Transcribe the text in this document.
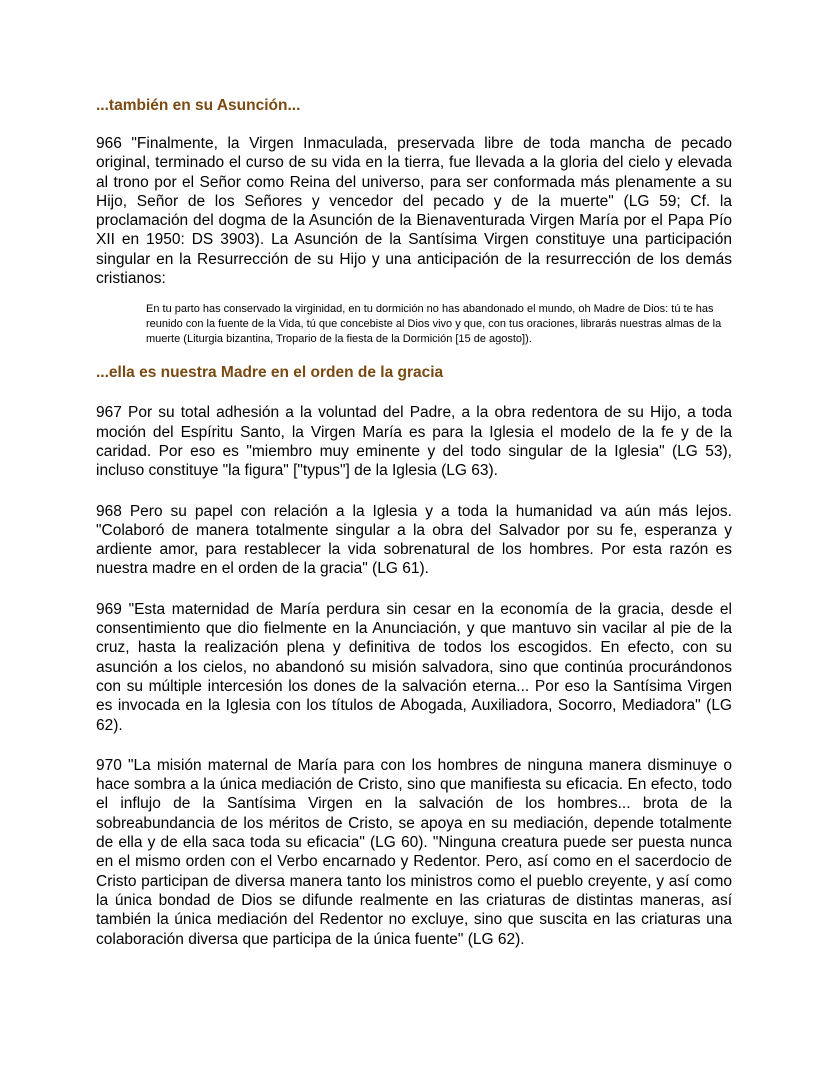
...también en su Asunción...

966 "Finalmente, la Virgen Inmaculada, preservada libre de toda mancha de pecado original, terminado el curso de su vida en la tierra, fue llevada a la gloria del cielo y elevada al trono por el Señor como Reina del universo, para ser conformada más plenamente a su Hijo, Señor de los Señores y vencedor del pecado y de la muerte" (LG 59; Cf. la proclamación del dogma de la Asunción de la Bienaventurada Virgen María por el Papa Pío XII en 1950: DS 3903). La Asunción de la Santísima Virgen constituye una participación singular en la Resurrección de su Hijo y una anticipación de la resurrección de los demás cristianos:

En tu parto has conservado la virginidad, en tu dormición no has abandonado el mundo, oh Madre de Dios: tú te has reunido con la fuente de la Vida, tú que concebiste al Dios vivo y que, con tus oraciones, librarás nuestras almas de la muerte (Liturgia bizantina, Tropario de la fiesta de la Dormición [15 de agosto]).

...ella es nuestra Madre en el orden de la gracia

967 Por su total adhesión a la voluntad del Padre, a la obra redentora de su Hijo, a toda moción del Espíritu Santo, la Virgen María es para la Iglesia el modelo de la fe y de la caridad. Por eso es "miembro muy eminente y del todo singular de la Iglesia" (LG 53), incluso constituye "la figura" ["typus"] de la Iglesia (LG 63).

968 Pero su papel con relación a la Iglesia y a toda la humanidad va aún más lejos. "Colaboró de manera totalmente singular a la obra del Salvador por su fe, esperanza y ardiente amor, para restablecer la vida sobrenatural de los hombres. Por esta razón es nuestra madre en el orden de la gracia" (LG 61).

969 "Esta maternidad de María perdura sin cesar en la economía de la gracia, desde el consentimiento que dio fielmente en la Anunciación, y que mantuvo sin vacilar al pie de la cruz, hasta la realización plena y definitiva de todos los escogidos. En efecto, con su asunción a los cielos, no abandonó su misión salvadora, sino que continúa procurándonos con su múltiple intercesión los dones de la salvación eterna... Por eso la Santísima Virgen es invocada en la Iglesia con los títulos de Abogada, Auxiliadora, Socorro, Mediadora" (LG 62).

970 "La misión maternal de María para con los hombres de ninguna manera disminuye o hace sombra a la única mediación de Cristo, sino que manifiesta su eficacia. En efecto, todo el influjo de la Santísima Virgen en la salvación de los hombres... brota de la sobreabundancia de los méritos de Cristo, se apoya en su mediación, depende totalmente de ella y de ella saca toda su eficacia" (LG 60). "Ninguna creatura puede ser puesta nunca en el mismo orden con el Verbo encarnado y Redentor. Pero, así como en el sacerdocio de Cristo participan de diversa manera tanto los ministros como el pueblo creyente, y así como la única bondad de Dios se difunde realmente en las criaturas de distintas maneras, así también la única mediación del Redentor no excluye, sino que suscita en las criaturas una colaboración diversa que participa de la única fuente" (LG 62).
